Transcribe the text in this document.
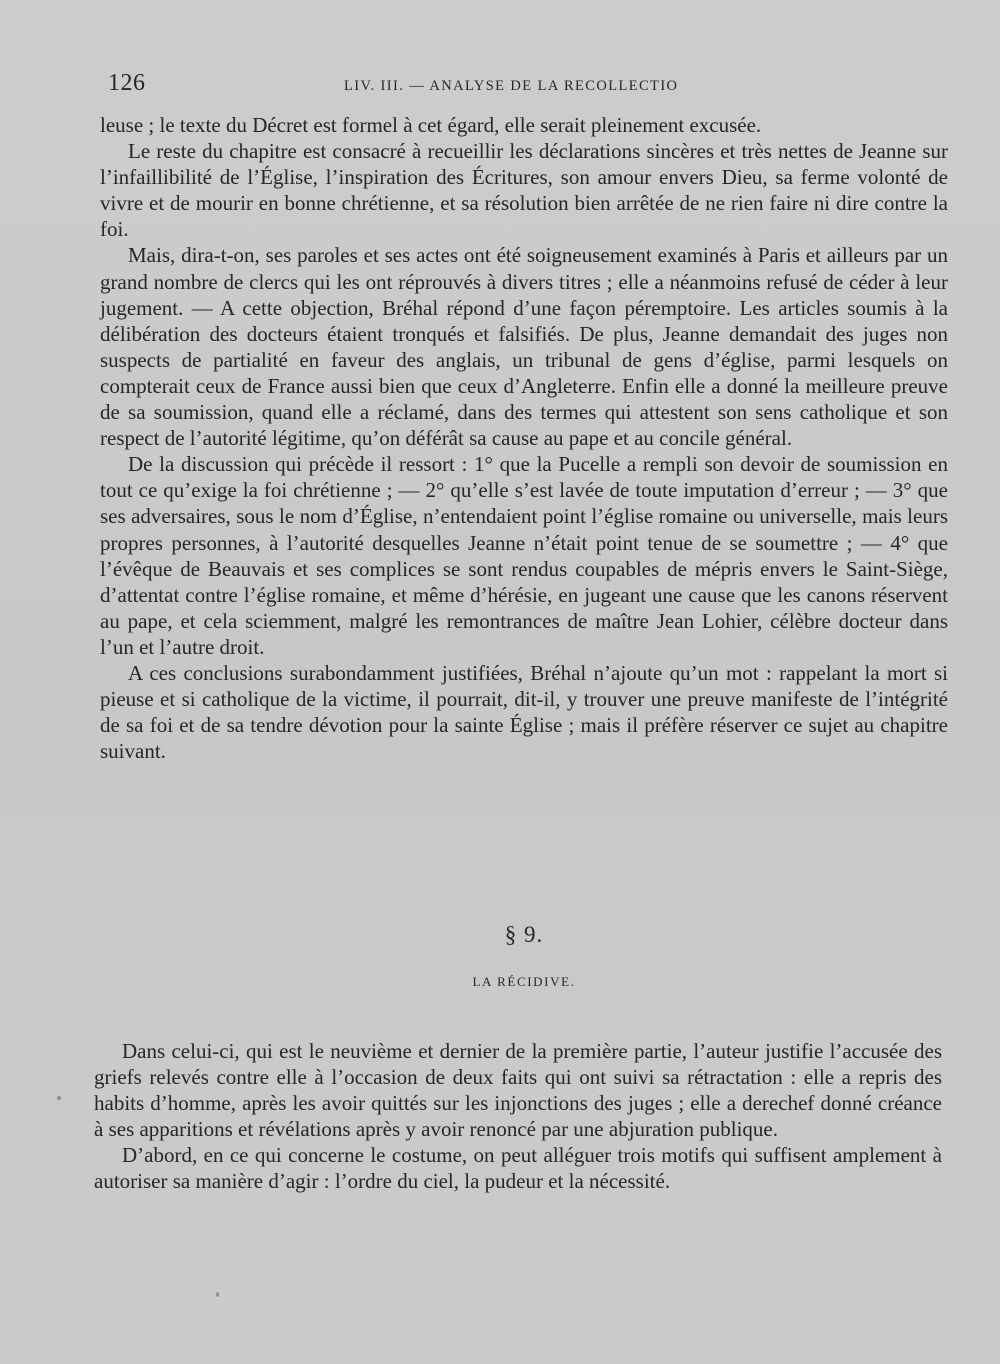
126	LIV. III. — ANALYSE DE LA RECOLLECTIO

leuse ; le texte du Décret est formel à cet égard, elle serait pleinement excusée.

Le reste du chapitre est consacré à recueillir les déclarations sincères et très nettes de Jeanne sur l’infaillibilité de l’Église, l’inspiration des Écritures, son amour envers Dieu, sa ferme volonté de vivre et de mourir en bonne chrétienne, et sa résolution bien arrêtée de ne rien faire ni dire contre la foi.

Mais, dira-t-on, ses paroles et ses actes ont été soigneusement examinés à Paris et ailleurs par un grand nombre de clercs qui les ont réprouvés à divers titres ; elle a néanmoins refusé de céder à leur jugement. — A cette objection, Bréhal répond d’une façon péremptoire. Les articles soumis à la délibération des docteurs étaient tronqués et falsifiés. De plus, Jeanne demandait des juges non suspects de partialité en faveur des anglais, un tribunal de gens d’église, parmi lesquels on compterait ceux de France aussi bien que ceux d’Angleterre. Enfin elle a donné la meilleure preuve de sa soumission, quand elle a réclamé, dans des termes qui attestent son sens catholique et son respect de l’autorité légitime, qu’on déférât sa cause au pape et au concile général.

De la discussion qui précède il ressort : 1° que la Pucelle a rempli son devoir de soumission en tout ce qu’exige la foi chrétienne ; — 2° qu’elle s’est lavée de toute imputation d’erreur ; — 3° que ses adversaires, sous le nom d’Église, n’entendaient point l’église romaine ou universelle, mais leurs propres personnes, à l’autorité desquelles Jeanne n’était point tenue de se soumettre ; — 4° que l’évêque de Beauvais et ses complices se sont rendus coupables de mépris envers le Saint-Siège, d’attentat contre l’église romaine, et même d’hérésie, en jugeant une cause que les canons réservent au pape, et cela sciemment, malgré les remontrances de maître Jean Lohier, célèbre docteur dans l’un et l’autre droit.

A ces conclusions surabondamment justifiées, Bréhal n’ajoute qu’un mot : rappelant la mort si pieuse et si catholique de la victime, il pourrait, dit-il, y trouver une preuve manifeste de l’intégrité de sa foi et de sa tendre dévotion pour la sainte Église ; mais il préfère réserver ce sujet au chapitre suivant.

§ 9.
LA RÉCIDIVE.

Dans celui-ci, qui est le neuvième et dernier de la première partie, l’auteur justifie l’accusée des griefs relevés contre elle à l’occasion de deux faits qui ont suivi sa rétractation : elle a repris des habits d’homme, après les avoir quittés sur les injonctions des juges ; elle a derechef donné créance à ses apparitions et révélations après y avoir renoncé par une abjuration publique.

D’abord, en ce qui concerne le costume, on peut alléguer trois motifs qui suffisent amplement à autoriser sa manière d’agir : l’ordre du ciel, la pudeur et la nécessité.
